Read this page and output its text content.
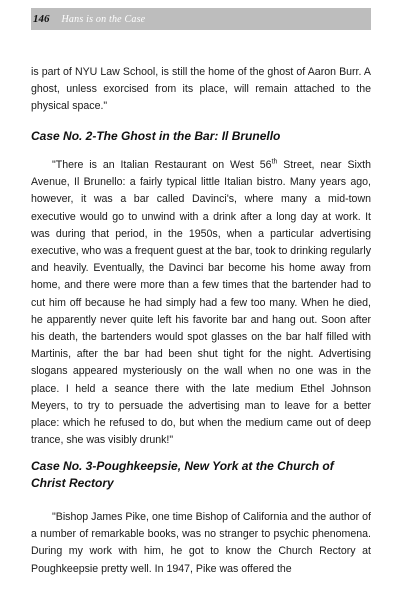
146 Hans is on the Case

is part of NYU Law School, is still the home of the ghost of Aaron Burr. A ghost, unless exorcised from its place, will remain attached to the physical space."

Case No. 2-The Ghost in the Bar: Il Brunello

"There is an Italian Restaurant on West 56th Street, near Sixth Avenue, Il Brunello: a fairly typical little Italian bistro. Many years ago, however, it was a bar called Davinci's, where many a mid-town executive would go to unwind with a drink after a long day at work. It was during that period, in the 1950s, when a particular advertising executive, who was a frequent guest at the bar, took to drinking regularly and heavily. Eventually, the Davinci bar become his home away from home, and there were more than a few times that the bartender had to cut him off because he had simply had a few too many. When he died, he apparently never quite left his favorite bar and hang out. Soon after his death, the bartenders would spot glasses on the bar half filled with Martinis, after the bar had been shut tight for the night. Advertising slogans appeared mysteriously on the wall when no one was in the place. I held a seance there with the late medium Ethel Johnson Meyers, to try to persuade the advertising man to leave for a better place: which he refused to do, but when the medium came out of deep trance, she was visibly drunk!"

Case No. 3-Poughkeepsie, New York at the Church of Christ Rectory

"Bishop James Pike, one time Bishop of California and the author of a number of remarkable books, was no stranger to psychic phenomena. During my work with him, he got to know the Church Rectory at Poughkeepsie pretty well. In 1947, Pike was offered the
